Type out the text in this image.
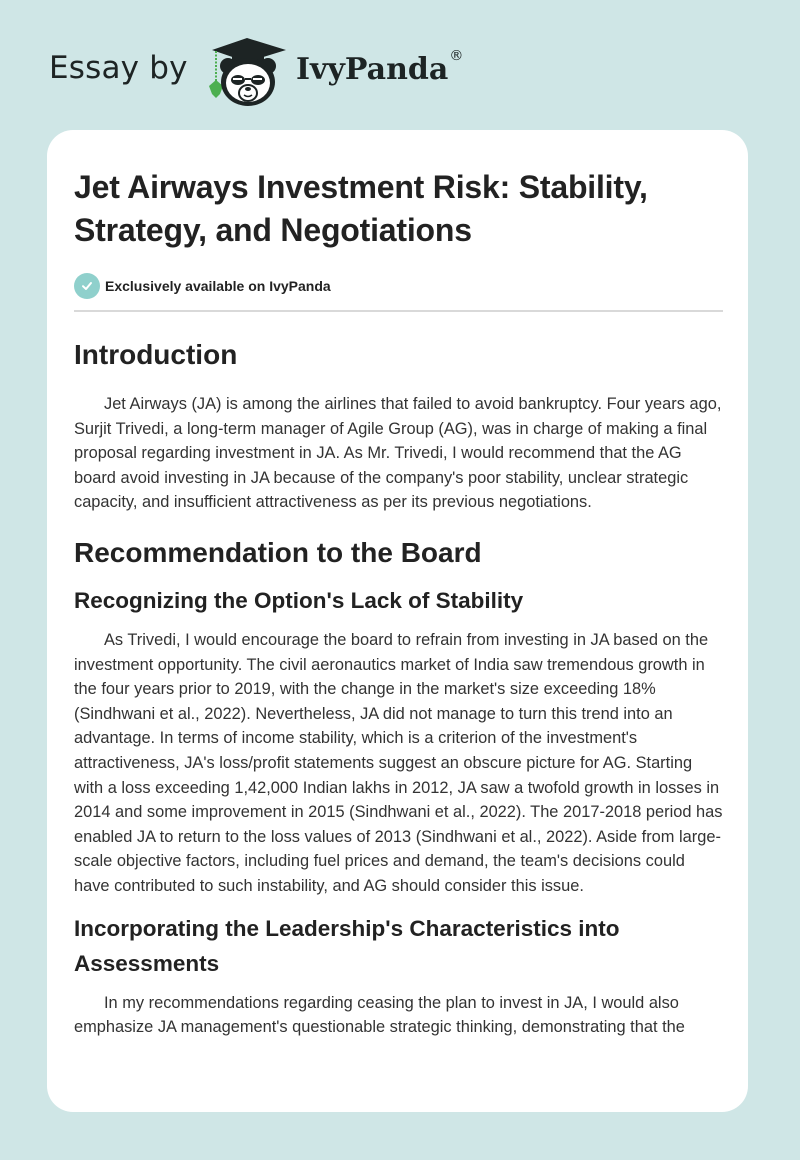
Essay by	IvyPanda®
Jet Airways Investment Risk: Stability, Strategy, and Negotiations
Exclusively available on IvyPanda
Introduction

Jet Airways (JA) is among the airlines that failed to avoid bankruptcy. Four years ago, Surjit Trivedi, a long-term manager of Agile Group (AG), was in charge of making a final proposal regarding investment in JA. As Mr. Trivedi, I would recommend that the AG board avoid investing in JA because of the company's poor stability, unclear strategic capacity, and insufficient attractiveness as per its previous negotiations.

Recommendation to the Board
Recognizing the Option's Lack of Stability

As Trivedi, I would encourage the board to refrain from investing in JA based on the investment opportunity. The civil aeronautics market of India saw tremendous growth in the four years prior to 2019, with the change in the market's size exceeding 18% (Sindhwani et al., 2022). Nevertheless, JA did not manage to turn this trend into an advantage. In terms of income stability, which is a criterion of the investment's attractiveness, JA's loss/profit statements suggest an obscure picture for AG. Starting with a loss exceeding 1,42,000 Indian lakhs in 2012, JA saw a twofold growth in losses in 2014 and some improvement in 2015 (Sindhwani et al., 2022). The 2017-2018 period has enabled JA to return to the loss values of 2013 (Sindhwani et al., 2022). Aside from large-scale objective factors, including fuel prices and demand, the team's decisions could have contributed to such instability, and AG should consider this issue.

Incorporating the Leadership's Characteristics into Assessments

In my recommendations regarding ceasing the plan to invest in JA, I would also emphasize JA management's questionable strategic thinking, demonstrating that the
